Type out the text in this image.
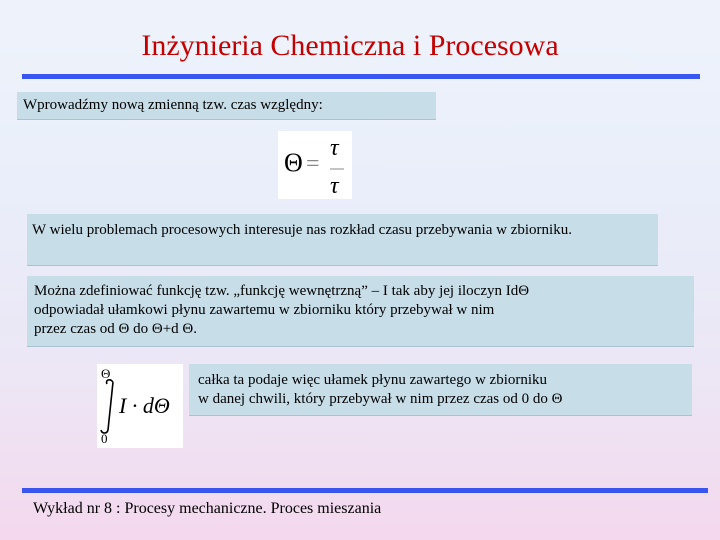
Inżynieria Chemiczna i Procesowa
Wprowadźmy nową zmienną tzw. czas względny:
Θ =
τ
τ
W wielu problemach procesowych interesuje nas rozkład czasu przebywania w zbiorniku.
Można zdefiniować funkcję tzw. „funkcję wewnętrzną” – I tak aby jej iloczyn IdΘ
odpowiadał ułamkowi płynu zawartemu w zbiorniku który przebywał w nim
przez czas od Θ do Θ+d Θ.
Θ
0
I · dΘ
całka ta podaje więc ułamek płynu zawartego w zbiorniku
w danej chwili, który przebywał w nim przez czas od 0 do Θ
Wykład nr 8 : Procesy mechaniczne. Proces mieszania
